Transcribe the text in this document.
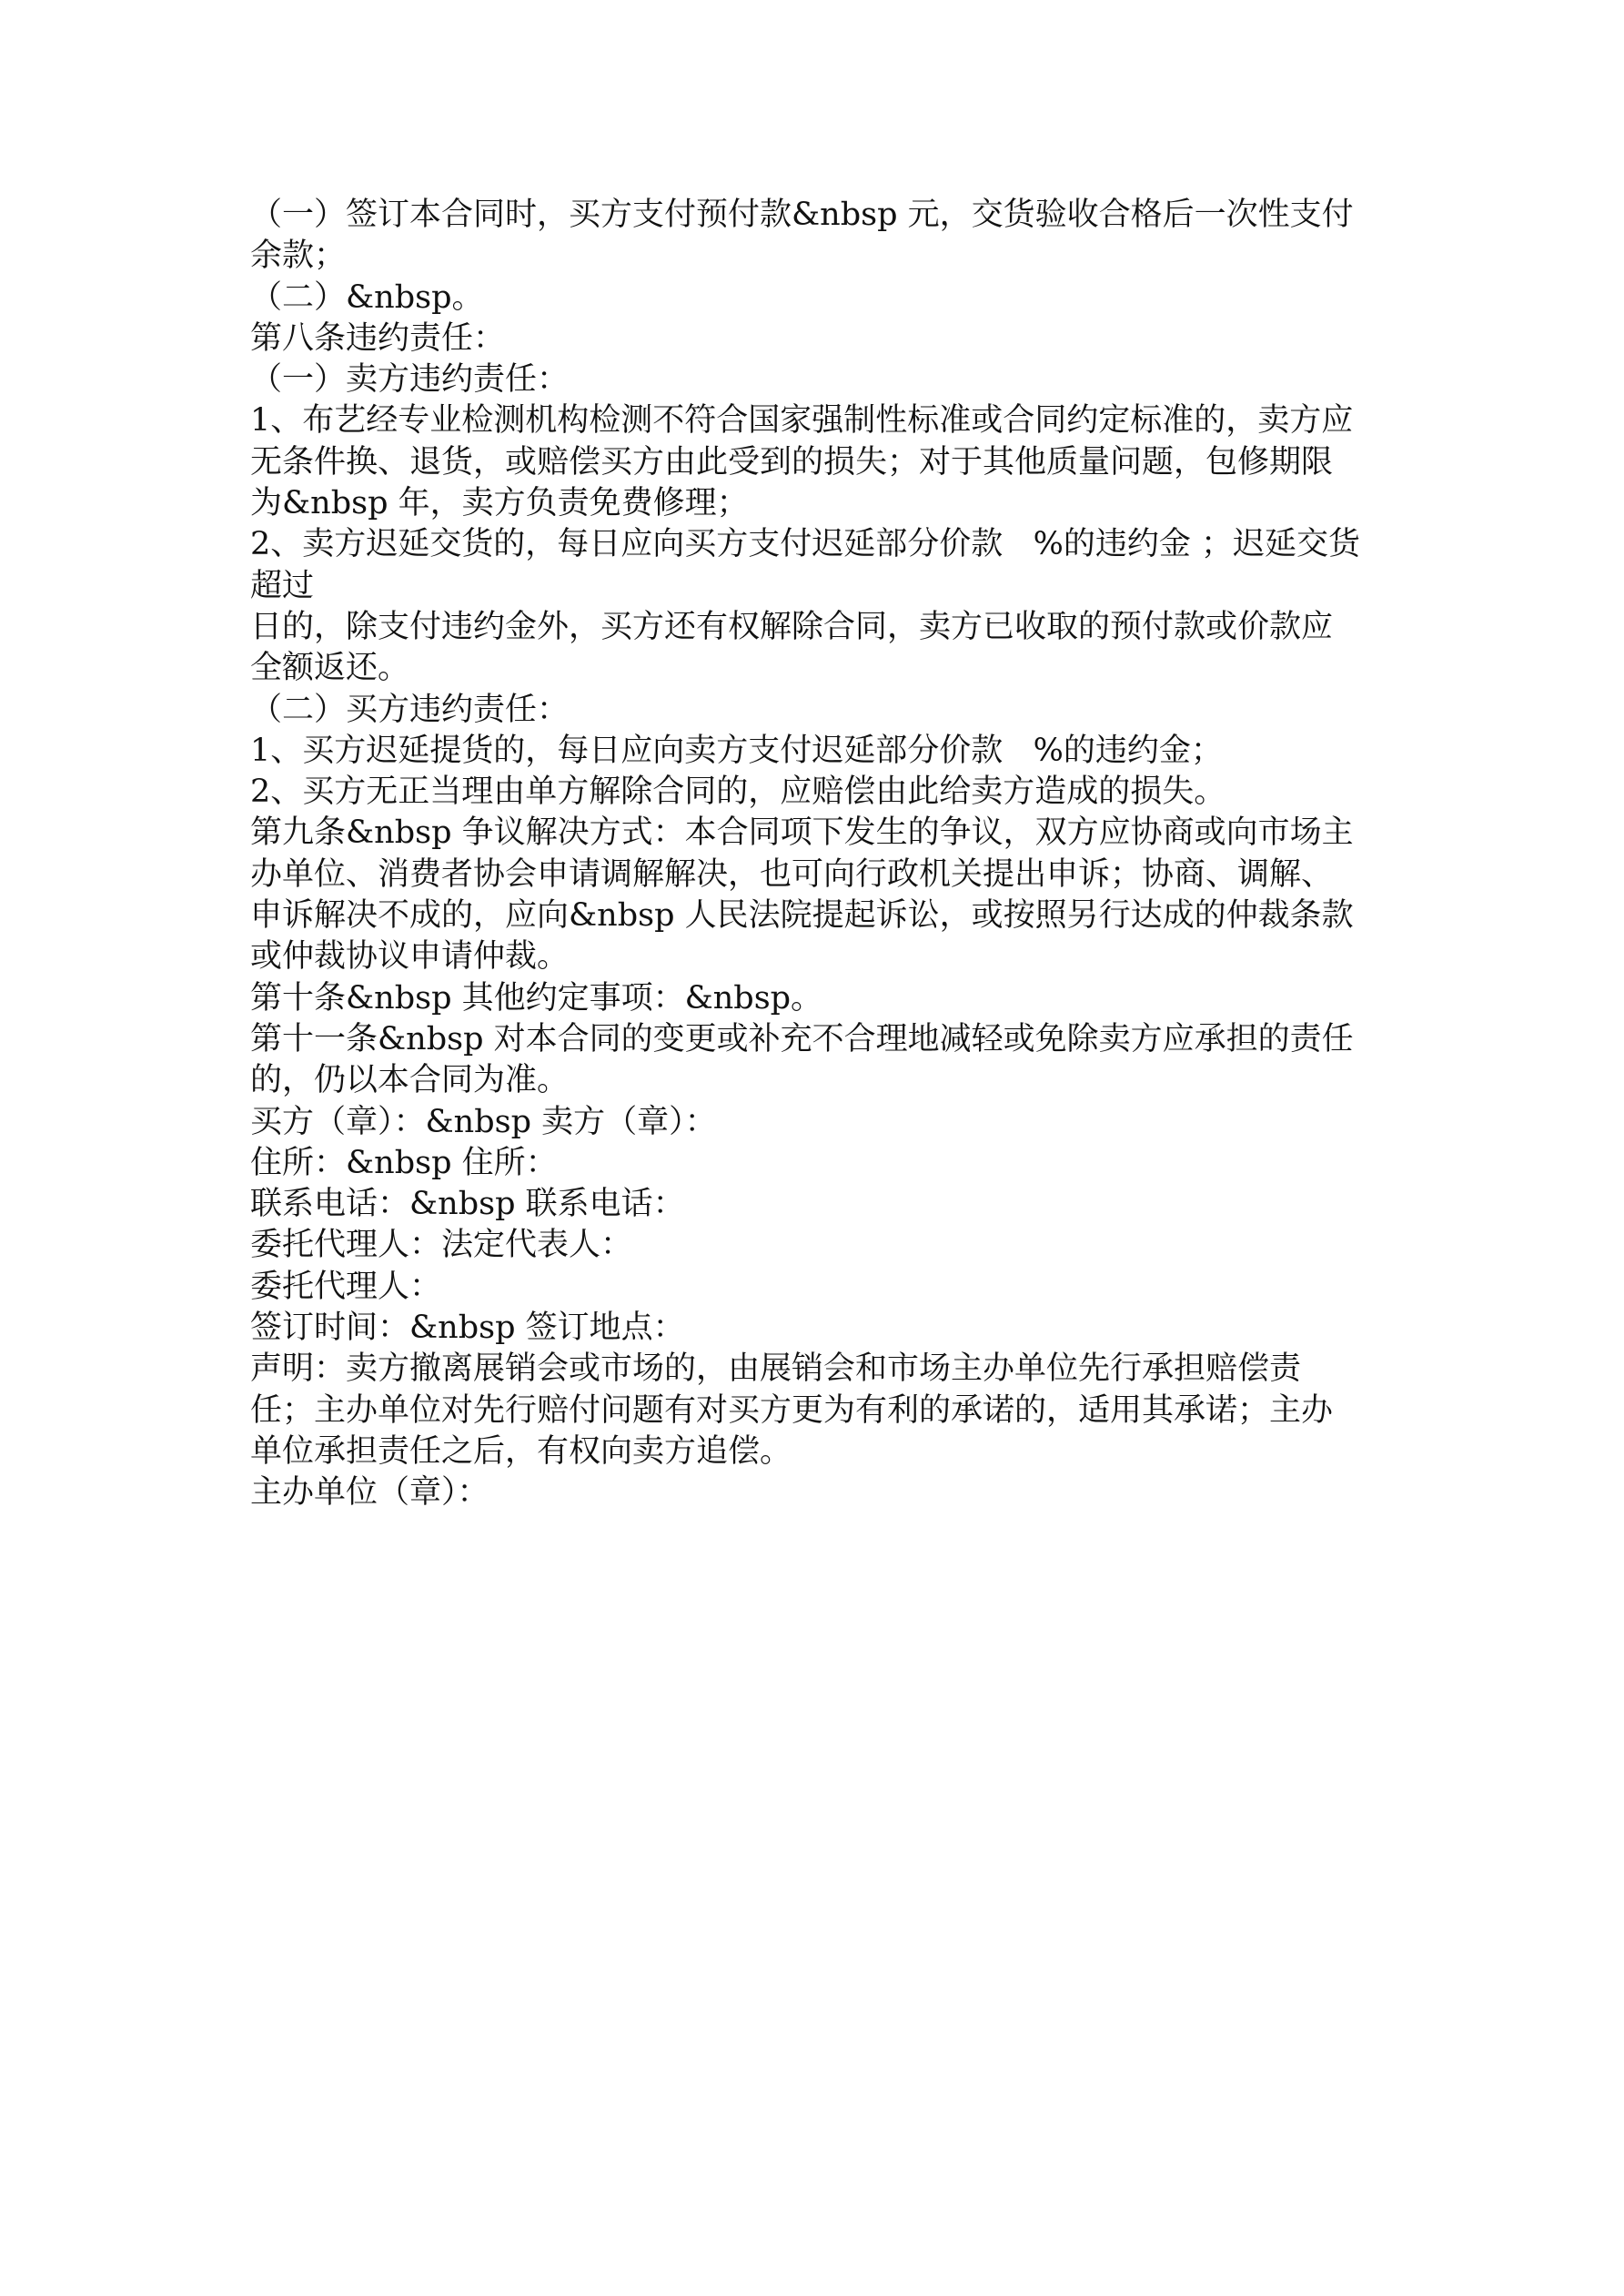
（一）签订本合同时，买方支付预付款&nbsp 元，交货验收合格后一次性支付

余款；

（二）&nbsp。

第八条违约责任：

（一）卖方违约责任：

1、布艺经专业检测机构检测不符合国家强制性标准或合同约定标准的，卖方应

无条件换、退货，或赔偿买方由此受到的损失；对于其他质量问题，包修期限

为&nbsp 年，卖方负责免费修理；

2、卖方迟延交货的，每日应向买方支付迟延部分价款   %的违约金 ；迟延交货

超过

日的，除支付违约金外，买方还有权解除合同，卖方已收取的预付款或价款应

全额返还。

（二）买方违约责任：

1、买方迟延提货的，每日应向卖方支付迟延部分价款   %的违约金；

2、买方无正当理由单方解除合同的，应赔偿由此给卖方造成的损失。

第九条&nbsp 争议解决方式：本合同项下发生的争议，双方应协商或向市场主

办单位、消费者协会申请调解解决，也可向行政机关提出申诉；协商、调解、

申诉解决不成的，应向&nbsp 人民法院提起诉讼，或按照另行达成的仲裁条款

或仲裁协议申请仲裁。

第十条&nbsp 其他约定事项：&nbsp。

第十一条&nbsp 对本合同的变更或补充不合理地减轻或免除卖方应承担的责任

的，仍以本合同为准。

买方（章）：&nbsp 卖方（章）：

住所：&nbsp 住所：

联系电话：&nbsp 联系电话：

委托代理人：法定代表人：

委托代理人：

签订时间：&nbsp 签订地点：

声明：卖方撤离展销会或市场的，由展销会和市场主办单位先行承担赔偿责

任；主办单位对先行赔付问题有对买方更为有利的承诺的，适用其承诺；主办

单位承担责任之后，有权向卖方追偿。

主办单位（章）：
